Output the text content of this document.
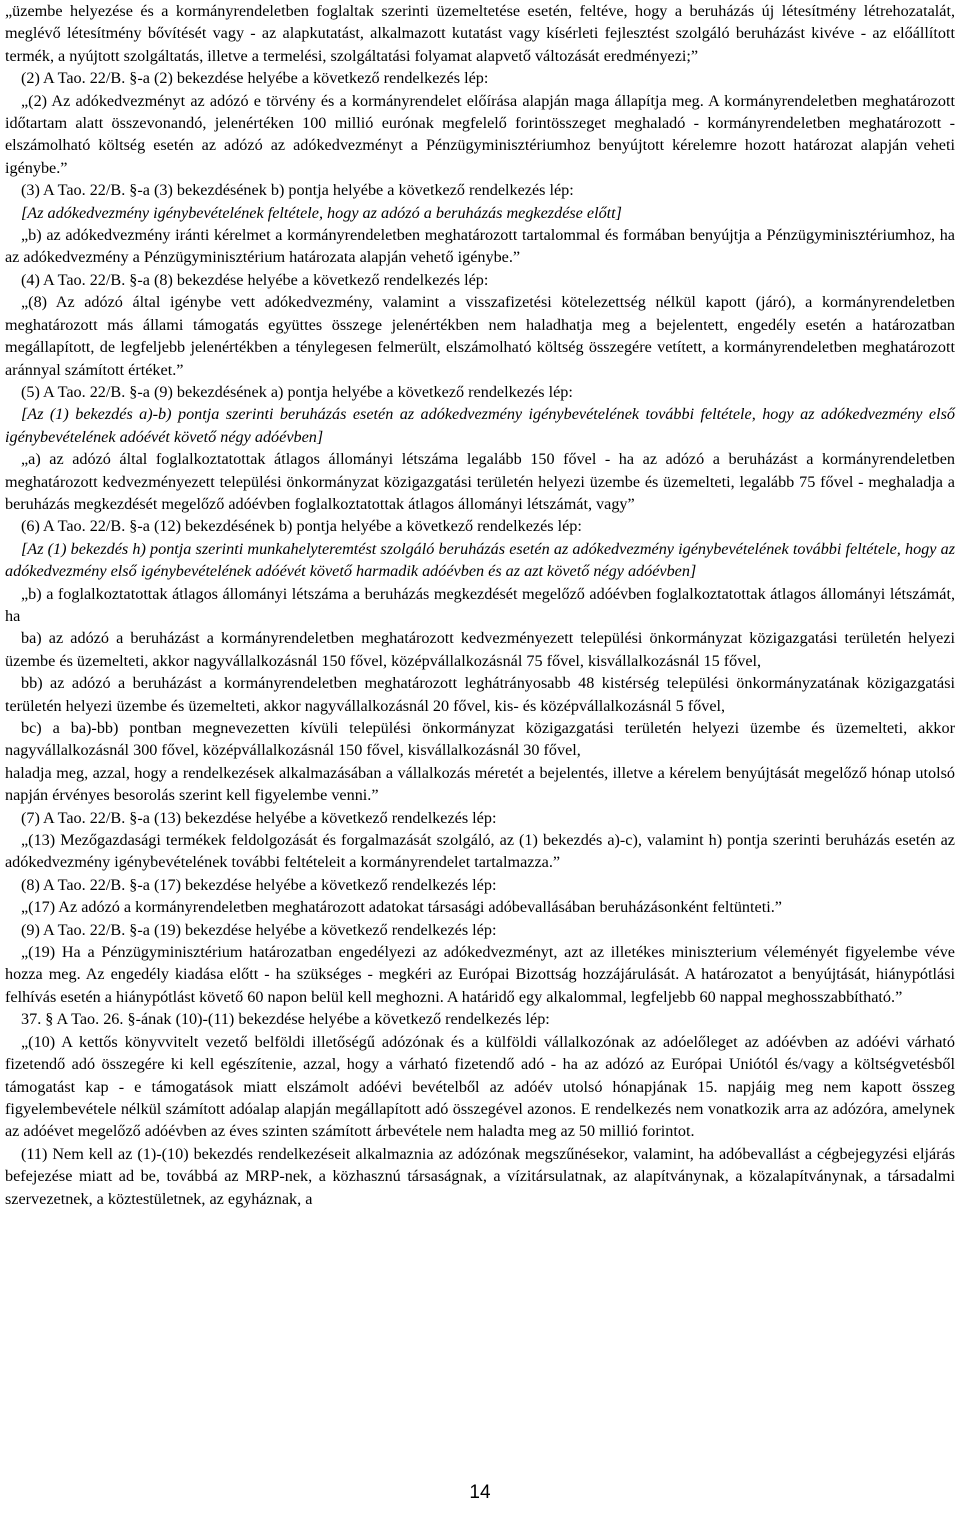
„üzembe helyezése és a kormányrendeletben foglaltak szerinti üzemeltetése esetén, feltéve, hogy a beruházás új létesítmény létrehozatalát, meglévő létesítmény bővítését vagy - az alapkutatást, alkalmazott kutatást vagy kísérleti fejlesztést szolgáló beruházást kivéve - az előállított termék, a nyújtott szolgáltatás, illetve a termelési, szolgáltatási folyamat alapvető változását eredményezi;”

(2) A Tao. 22/B. §-a (2) bekezdése helyébe a következő rendelkezés lép:

„(2) Az adókedvezményt az adózó e törvény és a kormányrendelet előírása alapján maga állapítja meg. A kormányrendeletben meghatározott időtartam alatt összevonandó, jelenértéken 100 millió eurónak megfelelő forintösszeget meghaladó - kormányrendeletben meghatározott - elszámolható költség esetén az adózó az adókedvezményt a Pénzügyminisztériumhoz benyújtott kérelemre hozott határozat alapján veheti igénybe.”

(3) A Tao. 22/B. §-a (3) bekezdésének b) pontja helyébe a következő rendelkezés lép:

[Az adókedvezmény igénybevételének feltétele, hogy az adózó a beruházás megkezdése előtt]

„b) az adókedvezmény iránti kérelmet a kormányrendeletben meghatározott tartalommal és formában benyújtja a Pénzügyminisztériumhoz, ha az adókedvezmény a Pénzügyminisztérium határozata alapján vehető igénybe.”

(4) A Tao. 22/B. §-a (8) bekezdése helyébe a következő rendelkezés lép:

„(8) Az adózó által igénybe vett adókedvezmény, valamint a visszafizetési kötelezettség nélkül kapott (járó), a kormányrendeletben meghatározott más állami támogatás együttes összege jelenértékben nem haladhatja meg a bejelentett, engedély esetén a határozatban megállapított, de legfeljebb jelenértékben a ténylegesen felmerült, elszámolható költség összegére vetített, a kormányrendeletben meghatározott aránnyal számított értéket.”

(5) A Tao. 22/B. §-a (9) bekezdésének a) pontja helyébe a következő rendelkezés lép:

[Az (1) bekezdés a)-b) pontja szerinti beruházás esetén az adókedvezmény igénybevételének további feltétele, hogy az adókedvezmény első igénybevételének adóévét követő négy adóévben]

„a) az adózó által foglalkoztatottak átlagos állományi létszáma legalább 150 fővel - ha az adózó a beruházást a kormányrendeletben meghatározott kedvezményezett települési önkormányzat közigazgatási területén helyezi üzembe és üzemelteti, legalább 75 fővel - meghaladja a beruházás megkezdését megelőző adóévben foglalkoztatottak átlagos állományi létszámát, vagy”

(6) A Tao. 22/B. §-a (12) bekezdésének b) pontja helyébe a következő rendelkezés lép:

[Az (1) bekezdés h) pontja szerinti munkahelyteremtést szolgáló beruházás esetén az adókedvezmény igénybevételének további feltétele, hogy az adókedvezmény első igénybevételének adóévét követő harmadik adóévben és az azt követő négy adóévben]

„b) a foglalkoztatottak átlagos állományi létszáma a beruházás megkezdését megelőző adóévben foglalkoztatottak átlagos állományi létszámát, ha

ba) az adózó a beruházást a kormányrendeletben meghatározott kedvezményezett települési önkormányzat közigazgatási területén helyezi üzembe és üzemelteti, akkor nagyvállalkozásnál 150 fővel, középvállalkozásnál 75 fővel, kisvállalkozásnál 15 fővel,

bb) az adózó a beruházást a kormányrendeletben meghatározott leghátrányosabb 48 kistérség települési önkormányzatának közigazgatási területén helyezi üzembe és üzemelteti, akkor nagyvállalkozásnál 20 fővel, kis- és középvállalkozásnál 5 fővel,

bc) a ba)-bb) pontban megnevezetten kívüli települési önkormányzat közigazgatási területén helyezi üzembe és üzemelteti, akkor nagyvállalkozásnál 300 fővel, középvállalkozásnál 150 fővel, kisvállalkozásnál 30 fővel,

haladja meg, azzal, hogy a rendelkezések alkalmazásában a vállalkozás méretét a bejelentés, illetve a kérelem benyújtását megelőző hónap utolsó napján érvényes besorolás szerint kell figyelembe venni.”

(7) A Tao. 22/B. §-a (13) bekezdése helyébe a következő rendelkezés lép:

„(13) Mezőgazdasági termékek feldolgozását és forgalmazását szolgáló, az (1) bekezdés a)-c), valamint h) pontja szerinti beruházás esetén az adókedvezmény igénybevételének további feltételeit a kormányrendelet tartalmazza.”

(8) A Tao. 22/B. §-a (17) bekezdése helyébe a következő rendelkezés lép:

„(17) Az adózó a kormányrendeletben meghatározott adatokat társasági adóbevallásában beruházásonként feltünteti.”

(9) A Tao. 22/B. §-a (19) bekezdése helyébe a következő rendelkezés lép:

„(19) Ha a Pénzügyminisztérium határozatban engedélyezi az adókedvezményt, azt az illetékes miniszterium véleményét figyelembe véve hozza meg. Az engedély kiadása előtt - ha szükséges - megkéri az Európai Bizottság hozzájárulását. A határozatot a benyújtását, hiánypótlási felhívás esetén a hiánypótlást követő 60 napon belül kell meghozni. A határidő egy alkalommal, legfeljebb 60 nappal meghosszabbítható.”

37. § A Tao. 26. §-ának (10)-(11) bekezdése helyébe a következő rendelkezés lép:

„(10) A kettős könyvvitelt vezető belföldi illetőségű adózónak és a külföldi vállalkozónak az adóelőleget az adóévben az adóévi várható fizetendő adó összegére ki kell egészítenie, azzal, hogy a várható fizetendő adó - ha az adózó az Európai Uniótól és/vagy a költségvetésből támogatást kap - e támogatások miatt elszámolt adóévi bevételből az adóév utolsó hónapjának 15. napjáig meg nem kapott összeg figyelembevétele nélkül számított adóalap alapján megállapított adó összegével azonos. E rendelkezés nem vonatkozik arra az adózóra, amelynek az adóévet megelőző adóévben az éves szinten számított árbevétele nem haladta meg az 50 millió forintot.

(11) Nem kell az (1)-(10) bekezdés rendelkezéseit alkalmaznia az adózónak megszűnésekor, valamint, ha adóbevallást a cégbejegyzési eljárás befejezése miatt ad be, továbbá az MRP-nek, a közhasznú társaságnak, a vízitársulatnak, az alapítványnak, a közalapítványnak, a társadalmi szervezetnek, a köztestületnek, az egyháznak, a

14
